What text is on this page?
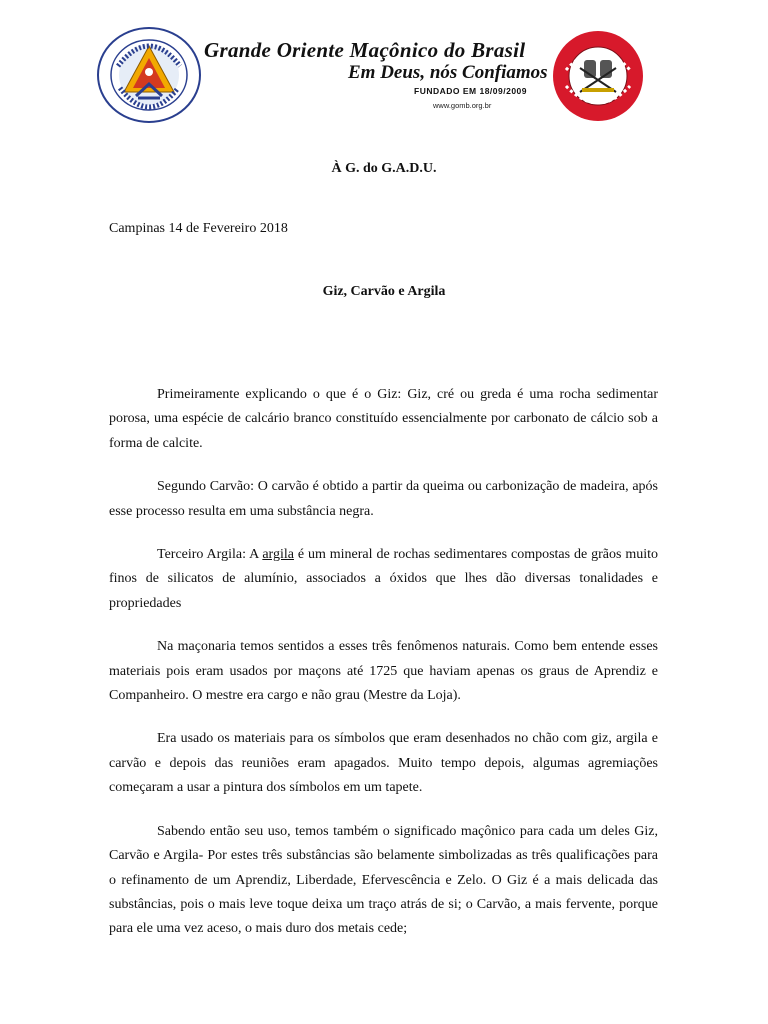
Grande Oriente Maçônico do Brasil
Em Deus, nós Confiamos
FUNDADO EM 18/09/2009
www.gomb.org.br
À G. do G.A.D.U.
Campinas 14 de Fevereiro 2018
Giz, Carvão e Argila

Primeiramente explicando o que é o Giz: Giz, cré ou greda é uma rocha sedimentar porosa, uma espécie de calcário branco constituído essencialmente por carbonato de cálcio sob a forma de calcite.

Segundo Carvão: O carvão é obtido a partir da queima ou carbonização de madeira, após esse processo resulta em uma substância negra.

Terceiro Argila: A argila é um mineral de rochas sedimentares compostas de grãos muito finos de silicatos de alumínio, associados a óxidos que lhes dão diversas tonalidades e propriedades

Na maçonaria temos sentidos a esses três fenômenos naturais. Como bem entende esses materiais pois eram usados por maçons até 1725 que haviam apenas os graus de Aprendiz e Companheiro. O mestre era cargo e não grau (Mestre da Loja).

Era usado os materiais para os símbolos que eram desenhados no chão com giz, argila e carvão e depois das reuniões eram apagados. Muito tempo depois, algumas agremiações começaram a usar a pintura dos símbolos em um tapete.

Sabendo então seu uso, temos também o significado maçônico para cada um deles Giz, Carvão e Argila- Por estes três substâncias são belamente simbolizadas as três qualificações para o refinamento de um Aprendiz, Liberdade, Efervescência e Zelo. O Giz é a mais delicada das substâncias, pois o mais leve toque deixa um traço atrás de si; o Carvão, a mais fervente, porque para ele uma vez aceso, o mais duro dos metais cede;
